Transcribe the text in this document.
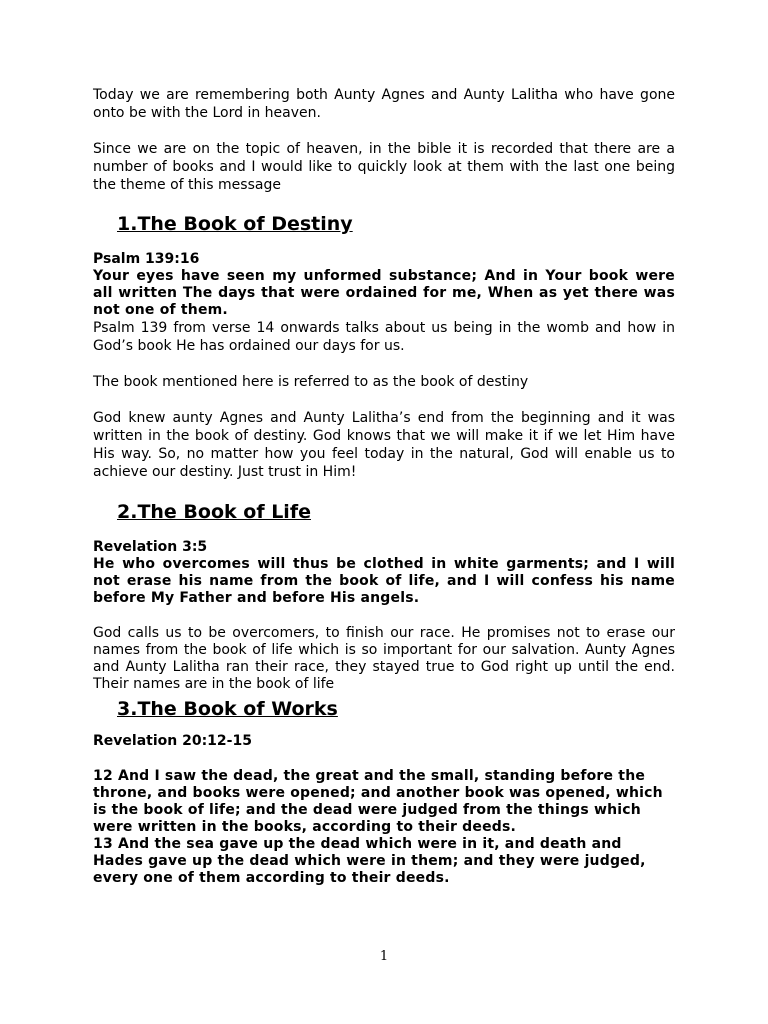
Today we are remembering both Aunty Agnes and Aunty Lalitha who have gone onto be with the Lord in heaven.

Since we are on the topic of heaven, in the bible it is recorded that there are a number of books and I would like to quickly look at them with the last one being the theme of this message

1.The Book of Destiny

Psalm 139:16

Your eyes have seen my unformed substance; And in Your book were all written The days that were ordained for me, When as yet there was not one of them.

Psalm 139 from verse 14 onwards talks about us being in the womb and how in God’s book He has ordained our days for us.

The book mentioned here is referred to as the book of destiny

God knew aunty Agnes and Aunty Lalitha’s end from the beginning and it was written in the book of destiny. God knows that we will make it if we let Him have His way. So, no matter how you feel today in the natural, God will enable us to achieve our destiny. Just trust in Him!

2.The Book of Life

Revelation 3:5

He who overcomes will thus be clothed in white garments; and I will not erase his name from the book of life, and I will confess his name before My Father and before His angels.

God calls us to be overcomers, to finish our race. He promises not to erase our names from the book of life which is so important for our salvation. Aunty Agnes and Aunty Lalitha ran their race, they stayed true to God right up until the end. Their names are in the book of life

3.The Book of Works

Revelation 20:12-15

12 And I saw the dead, the great and the small, standing before the throne, and books were opened; and another book was opened, which is the book of life; and the dead were judged from the things which were written in the books, according to their deeds.

13 And the sea gave up the dead which were in it, and death and Hades gave up the dead which were in them; and they were judged, every one of them according to their deeds.

1
